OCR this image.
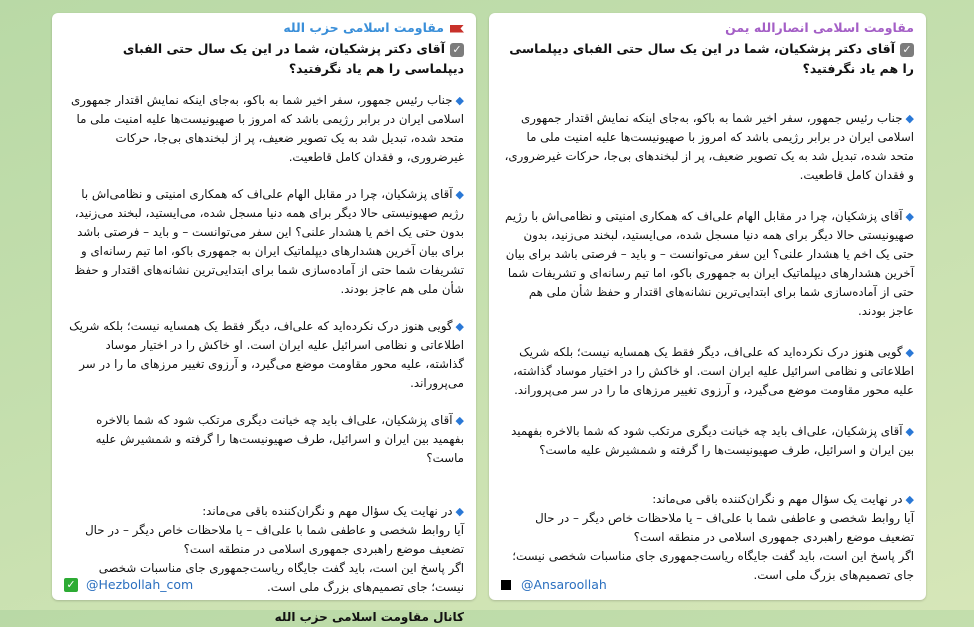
مقاومت اسلامی حزب الله
✓آقای دکتر پزشکیان، شما در این یک سال حتی الفبای دیپلماسی را هم یاد نگرفتید؟

◆جناب رئیس جمهور، سفر اخیر شما به باکو، به‌جای اینکه نمایش اقتدار جمهوری اسلامی ایران در برابر رژیمی باشد که امروز با صهیونیست‌ها علیه امنیت ملی ما متحد شده، تبدیل شد به یک تصویر ضعیف، پر از لبخندهای بی‌جا، حرکات غیرضروری، و فقدان کامل قاطعیت.

◆آقای پزشکیان، چرا در مقابل الهام علی‌اف که همکاری امنیتی و نظامی‌اش با رژیم صهیونیستی حالا دیگر برای همه دنیا مسجل شده، می‌ایستید، لبخند می‌زنید، بدون حتی یک اخم یا هشدار علنی؟ این سفر می‌توانست – و باید – فرصتی باشد برای بیان آخرین هشدارهای دیپلماتیک ایران به جمهوری باکو، اما تیم رسانه‌ای و تشریفات شما حتی از آماده‌سازی شما برای ابتدایی‌ترین نشانه‌های اقتدار و حفظ شأن ملی هم عاجز بودند.

◆گویی هنوز درک نکرده‌اید که علی‌اف، دیگر فقط یک همسایه نیست؛ بلکه شریک اطلاعاتی و نظامی اسرائیل علیه ایران است. او خاکش را در اختیار موساد گذاشته، علیه محور مقاومت موضع می‌گیرد، و آرزوی تغییر مرزهای ما را در سر می‌پروراند.

◆آقای پزشکیان، علی‌اف باید چه خیانت دیگری مرتکب شود که شما بالاخره بفهمید بین ایران و اسرائیل، طرف صهیونیست‌ها را گرفته و شمشیرش علیه ماست؟

◆در نهایت یک سؤال مهم و نگران‌کننده باقی می‌ماند:

آیا روابط شخصی و عاطفی شما با علی‌اف – یا ملاحظات خاص دیگر – در حال تضعیف موضع راهبردی جمهوری اسلامی در منطقه است؟

اگر پاسخ این است، باید گفت جایگاه ریاست‌جمهوری جای مناسبات شخصی نیست؛ جای تصمیم‌های بزرگ ملی است.

کانال مقاومت اسلامی حزب الله
✓ @Hezbollah_com
مقاومت اسلامی انصارالله یمن
✓آقای دکتر پزشکیان، شما در این یک سال حتی الفبای دیپلماسی را هم یاد نگرفتید؟

◆جناب رئیس جمهور، سفر اخیر شما به باکو، به‌جای اینکه نمایش اقتدار جمهوری اسلامی ایران در برابر رژیمی باشد که امروز با صهیونیست‌ها علیه امنیت ملی ما متحد شده، تبدیل شد به یک تصویر ضعیف، پر از لبخندهای بی‌جا، حرکات غیرضروری، و فقدان کامل قاطعیت.

◆آقای پزشکیان، چرا در مقابل الهام علی‌اف که همکاری امنیتی و نظامی‌اش با رژیم صهیونیستی حالا دیگر برای همه دنیا مسجل شده، می‌ایستید، لبخند می‌زنید، بدون حتی یک اخم یا هشدار علنی؟ این سفر می‌توانست – و باید – فرصتی باشد برای بیان آخرین هشدارهای دیپلماتیک ایران به جمهوری باکو، اما تیم رسانه‌ای و تشریفات شما حتی از آماده‌سازی شما برای ابتدایی‌ترین نشانه‌های اقتدار و حفظ شأن ملی هم عاجز بودند.

◆گویی هنوز درک نکرده‌اید که علی‌اف، دیگر فقط یک همسایه نیست؛ بلکه شریک اطلاعاتی و نظامی اسرائیل علیه ایران است. او خاکش را در اختیار موساد گذاشته، علیه محور مقاومت موضع می‌گیرد، و آرزوی تغییر مرزهای ما را در سر می‌پروراند.

◆آقای پزشکیان، علی‌اف باید چه خیانت دیگری مرتکب شود که شما بالاخره بفهمید بین ایران و اسرائیل، طرف صهیونیست‌ها را گرفته و شمشیرش علیه ماست؟

◆در نهایت یک سؤال مهم و نگران‌کننده باقی می‌ماند:

آیا روابط شخصی و عاطفی شما با علی‌اف – یا ملاحظات خاص دیگر – در حال تضعیف موضع راهبردی جمهوری اسلامی در منطقه است؟

اگر پاسخ این است، باید گفت جایگاه ریاست‌جمهوری جای مناسبات شخصی نیست؛ جای تصمیم‌های بزرگ ملی است.

@Ansaroollah
